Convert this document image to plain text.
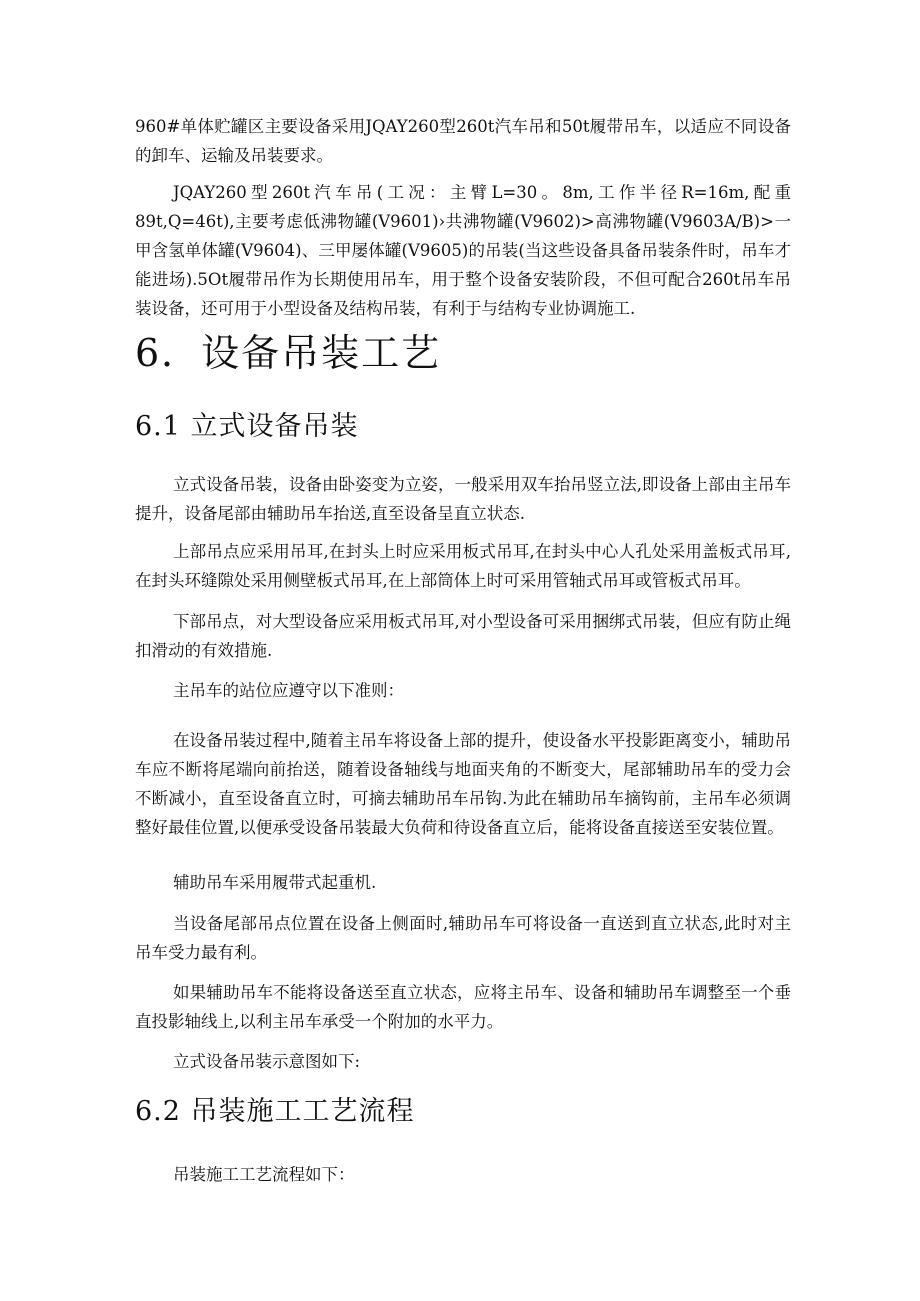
960#单体贮罐区主要设备采用JQAY260型260t汽车吊和50t履带吊车，以适应不同设备的卸车、运输及吊装要求。

JQAY260型260t汽车吊(工况：主臂L=30。8m,工作半径R=16m,配重89t,Q=46t),主要考虑低沸物罐(V9601)›共沸物罐(V9602)>高沸物罐(V9603A∕B)>一甲含氢单体罐(V9604)、三甲屡体罐(V9605)的吊装(当这些设备具备吊装条件时，吊车才能进场).5Ot履带吊作为长期使用吊车，用于整个设备安装阶段，不但可配合260t吊车吊装设备，还可用于小型设备及结构吊装，有利于与结构专业协调施工.

6．设备吊装工艺
6.1 立式设备吊装

立式设备吊装，设备由卧姿变为立姿，一般采用双车抬吊竖立法,即设备上部由主吊车提升，设备尾部由辅助吊车抬送,直至设备呈直立状态.

上部吊点应采用吊耳,在封头上时应采用板式吊耳,在封头中心人孔处采用盖板式吊耳,在封头环缝隙处采用侧壁板式吊耳,在上部筒体上时可采用管轴式吊耳或管板式吊耳。

下部吊点，对大型设备应采用板式吊耳,对小型设备可采用捆绑式吊装，但应有防止绳扣滑动的有效措施.

主吊车的站位应遵守以下准则：

在设备吊装过程中,随着主吊车将设备上部的提升，使设备水平投影距离变小，辅助吊车应不断将尾端向前抬送，随着设备轴线与地面夹角的不断变大，尾部辅助吊车的受力会不断减小，直至设备直立时，可摘去辅助吊车吊钩.为此在辅助吊车摘钩前，主吊车必须调整好最佳位置,以便承受设备吊装最大负荷和待设备直立后，能将设备直接送至安装位置。

辅助吊车采用履带式起重机.

当设备尾部吊点位置在设备上侧面时,辅助吊车可将设备一直送到直立状态,此时对主吊车受力最有利。

如果辅助吊车不能将设备送至直立状态，应将主吊车、设备和辅助吊车调整至一个垂直投影轴线上,以利主吊车承受一个附加的水平力。

立式设备吊装示意图如下:

6.2 吊装施工工艺流程

吊装施工工艺流程如下：
